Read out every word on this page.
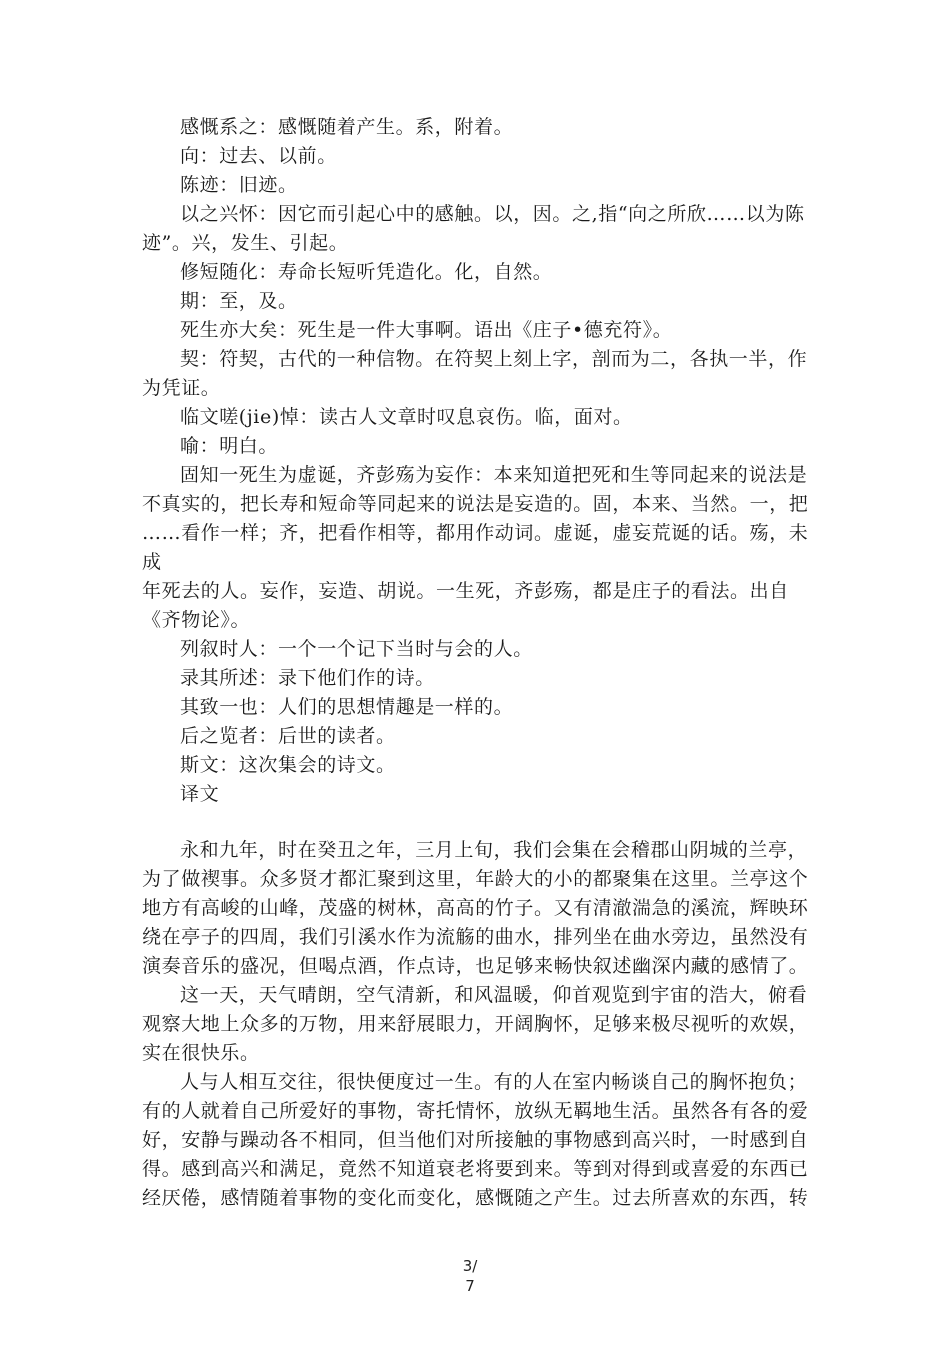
感慨系之：感慨随着产生。系，附着。
向：过去、以前。
陈迹：旧迹。
以之兴怀：因它而引起心中的感触。以，因。之,指“向之所欣……以为陈
迹”。兴，发生、引起。
修短随化：寿命长短听凭造化。化，自然。
期：至，及。
死生亦大矣：死生是一件大事啊。语出《庄子•德充符》。
契：符契，古代的一种信物。在符契上刻上字，剖而为二，各执一半，作
为凭证。
临文嗟(jie)悼：读古人文章时叹息哀伤。临，面对。
喻：明白。
固知一死生为虚诞，齐彭殇为妄作：本来知道把死和生等同起来的说法是
不真实的，把长寿和短命等同起来的说法是妄造的。固，本来、当然。一，把
……看作一样；齐，把看作相等，都用作动词。虚诞，虚妄荒诞的话。殇，未
成
年死去的人。妄作，妄造、胡说。一生死，齐彭殇，都是庄子的看法。出自
《齐物论》。
列叙时人：一个一个记下当时与会的人。
录其所述：录下他们作的诗。
其致一也：人们的思想情趣是一样的。
后之览者：后世的读者。
斯文：这次集会的诗文。
译文
永和九年，时在癸丑之年，三月上旬，我们会集在会稽郡山阴城的兰亭，
为了做禊事。众多贤才都汇聚到这里，年龄大的小的都聚集在这里。兰亭这个
地方有高峻的山峰，茂盛的树林，高高的竹子。又有清澈湍急的溪流，辉映环
绕在亭子的四周，我们引溪水作为流觞的曲水，排列坐在曲水旁边，虽然没有
演奏音乐的盛况，但喝点酒，作点诗，也足够来畅快叙述幽深内藏的感情了。
这一天，天气晴朗，空气清新，和风温暖，仰首观览到宇宙的浩大，俯看
观察大地上众多的万物，用来舒展眼力，开阔胸怀，足够来极尽视听的欢娱，
实在很快乐。
人与人相互交往，很快便度过一生。有的人在室内畅谈自己的胸怀抱负；
有的人就着自己所爱好的事物，寄托情怀，放纵无羁地生活。虽然各有各的爱
好，安静与躁动各不相同，但当他们对所接触的事物感到高兴时，一时感到自
得。感到高兴和满足，竟然不知道衰老将要到来。等到对得到或喜爱的东西已
经厌倦，感情随着事物的变化而变化，感慨随之产生。过去所喜欢的东西，转
3/
7
